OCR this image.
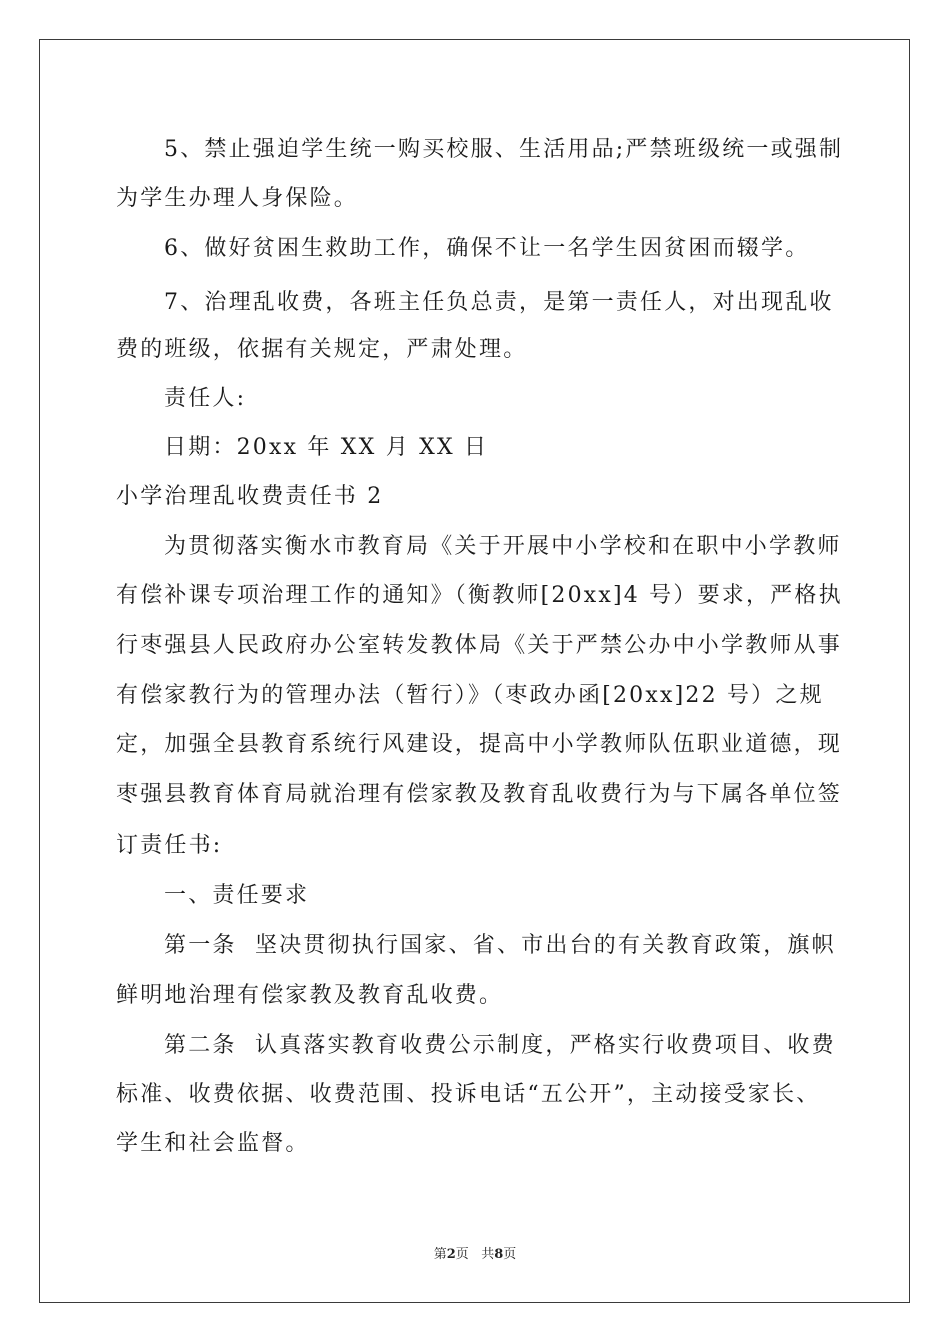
5、禁止强迫学生统一购买校服、生活用品;严禁班级统一或强制
为学生办理人身保险。
6、做好贫困生救助工作，确保不让一名学生因贫困而辍学。
7、治理乱收费，各班主任负总责，是第一责任人，对出现乱收
费的班级，依据有关规定，严肃处理。
责任人:
日期：20xx 年 XX 月 XX 日
小学治理乱收费责任书 2
为贯彻落实衡水市教育局《关于开展中小学校和在职中小学教师
有偿补课专项治理工作的通知》（衡教师[20xx]4 号）要求，严格执
行枣强县人民政府办公室转发教体局《关于严禁公办中小学教师从事
有偿家教行为的管理办法（暂行）》（枣政办函[20xx]22 号）之规
定，加强全县教育系统行风建设，提高中小学教师队伍职业道德，现
枣强县教育体育局就治理有偿家教及教育乱收费行为与下属各单位签
订责任书:
一、责任要求
第一条  坚决贯彻执行国家、省、市出台的有关教育政策，旗帜
鲜明地治理有偿家教及教育乱收费。
第二条  认真落实教育收费公示制度，严格实行收费项目、收费
标准、收费依据、收费范围、投诉电话“五公开”，主动接受家长、
学生和社会监督。
第2页 共8页
